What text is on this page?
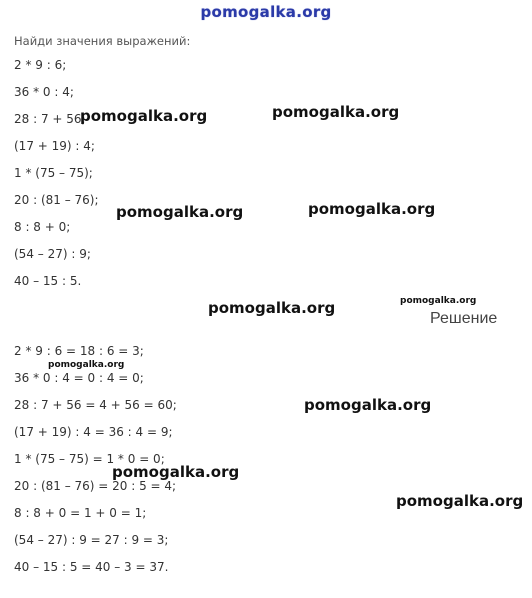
pomogalka.org
Найди значения выражений:
2 * 9 : 6;
36 * 0 : 4;
28 : 7 + 56;
(17 + 19) : 4;
1 * (75 – 75);
20 : (81 – 76);
8 : 8 + 0;
(54 – 27) : 9;
40 – 15 : 5.
Решение
2 * 9 : 6 = 18 : 6 = 3;
36 * 0 : 4 = 0 : 4 = 0;
28 : 7 + 56 = 4 + 56 = 60;
(17 + 19) : 4 = 36 : 4 = 9;
1 * (75 – 75) = 1 * 0 = 0;
20 : (81 – 76) = 20 : 5 = 4;
8 : 8 + 0 = 1 + 0 = 1;
(54 – 27) : 9 = 27 : 9 = 3;
40 – 15 : 5 = 40 – 3 = 37.
pomogalka.org	pomogalka.org
pomogalka.org	pomogalka.org
pomogalka.org	pomogalka.org
pomogalka.org
pomogalka.org
pomogalka.org
pomogalka.org
